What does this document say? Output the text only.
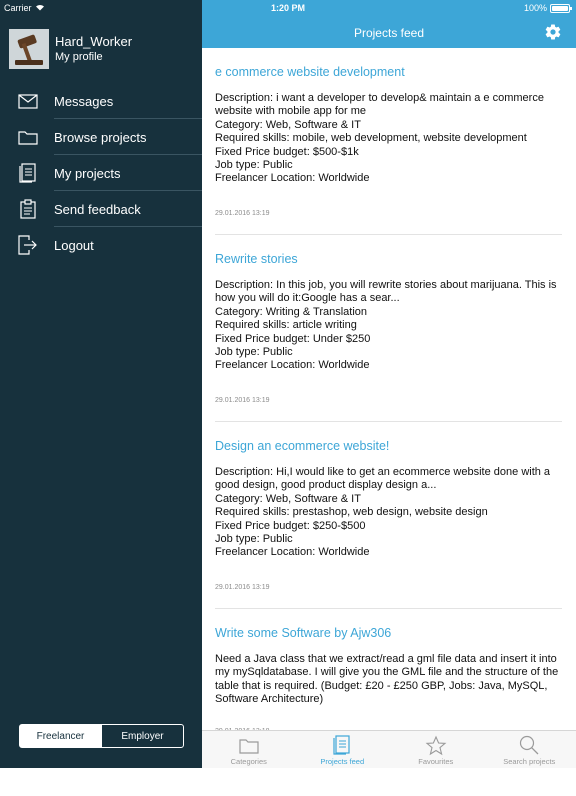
Hard_Worker
My profile
Messages
Browse projects
My projects
Send feedback
Logout
Freelancer	Employer
Projects feed
Carrier	1:20 PM	100%
e commerce website development
Description: i want a developer to develop& maintain a e commerce website with mobile app for me
Category: Web, Software & IT
Required skills: mobile, web development, website development
Fixed Price budget: $500-$1k
Job type: Public
Freelancer Location: Worldwide
29.01.2016 13:19
Rewrite stories
Description: In this job, you will rewrite stories about marijuana. This is how you will do it:Google has a sear...
Category: Writing & Translation
Required skills: article writing
Fixed Price budget: Under $250
Job type: Public
Freelancer Location: Worldwide
29.01.2016 13:19
Design an ecommerce website!
Description: Hi,I would like to get an ecommerce website done with a good design, good product display design a...
Category: Web, Software & IT
Required skills: prestashop, web design, website design
Fixed Price budget: $250-$500
Job type: Public
Freelancer Location: Worldwide
29.01.2016 13:19
Write some Software by Ajw306
Need a Java class that we extract/read a gml file data and insert it into my mySqldatabase. I will give you the GML file and the structure of the table that is required. (Budget: £20 - £250 GBP, Jobs: Java, MySQL, Software Architecture)
Categories	Projects feed	Favourites	Search projects
